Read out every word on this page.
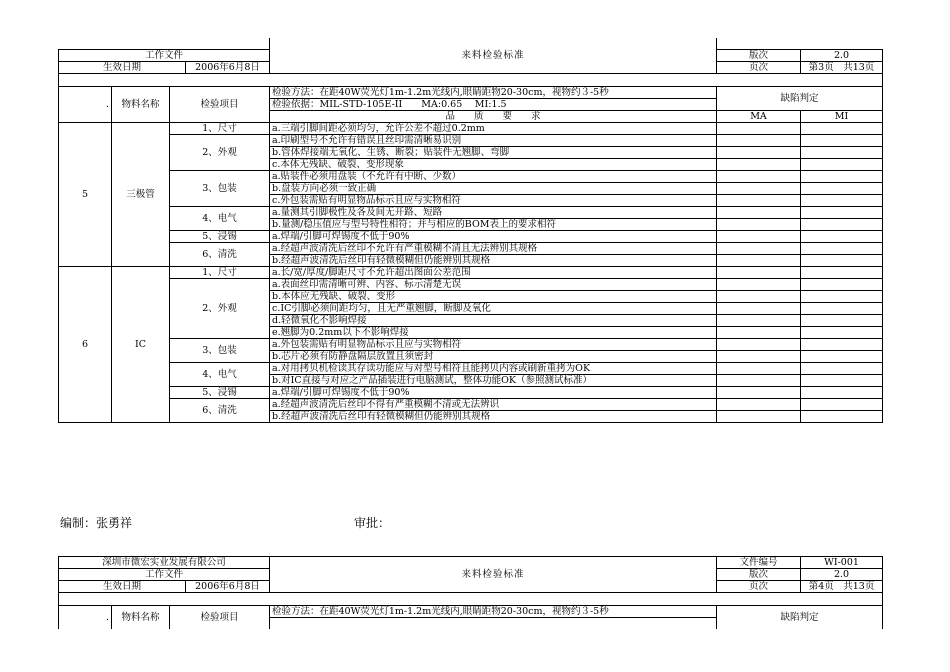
		来料检验标准		
工作文件			版次	2.0
生效日期	2006年6月8日		页次	第3页　共13页

.	物料名称	检验项目	检验方法：在距40W荧光灯1m-1.2m光线内,眼睛距物20-30cm，视物约３-5秒	缺陷判定	
			检验依据：MIL-STD-105E-II　　MA:0.65　 MI:1.5		
			品　　质　　要　　求	MA	MI
5	三极管	1、尺寸	a.三端引脚间距必须均匀，允许公差不超过0.2mm		
		2、外观	a.印刷型号不允许有错误且丝印需清晰易识别		
			b.管体焊接端无氧化、生锈、断裂；贴装件无翘脚、弯脚		
			c.本体无残缺、破裂、变形现象		
		3、包装	a.贴装件必须用盘装（不允许有中断、少数）		
			b.盘装方向必须一致正确		
			c.外包装需贴有明显物品标示且应与实物相符		
		4、电气	a.量测其引脚极性及各及间无开路、短路		
			b.量测/稳压值应与型号特性相符；并与相应的BOM表上的要求相符		
		5、浸锡	a.焊端/引脚可焊锡度不低于90%		
		6、清洗	a.经超声波清洗后丝印不允许有严重模糊不清且无法辨别其规格		
			b.经超声波清洗后丝印有轻微模糊但仍能辨别其规格		
6	IC	1、尺寸	a.长/宽/厚度/脚距尺寸不允许超出图面公差范围		
		2、外观	a.表面丝印需清晰可辨、内容、标示清楚无误		
			b.本体应无残缺、破裂、变形		
			c.IC引脚必须间距均匀，且无严重翘脚，断脚及氧化		
			d.轻微氧化不影响焊接		
			e.翘脚为0.2mm以下不影响焊接		
		3、包装	a.外包装需贴有明显物品标示且应与实物相符		
			b.芯片必须有防静盘隔层放置且须密封		
		4、电气	a.对用拷贝机检读其存读功能应与对型号相符且能拷贝内容或刷新重拷为OK		
			b.对IC直接与对应之产品插装进行电脑测试，整体功能OK（参照测试标准）		
		5、浸锡	a.焊端/引脚可焊锡度不低于90%		
		6、清洗	a.经超声波清洗后丝印不得有严重模糊不清或无法辨识		
			b.经超声波清洗后丝印有轻微模糊但仍能辨别其规格		
编制：张勇祥	审批：
深圳市微宏实业发展有限公司		来料检验标准	文件编号	WI-001
工作文件			版次	2.0
生效日期	2006年6月8日		页次	第4页　共13页

.	物料名称	检验项目	检验方法：在距40W荧光灯1m-1.2m光线内,眼睛距物20-30cm，视物约３-5秒	缺陷判定
